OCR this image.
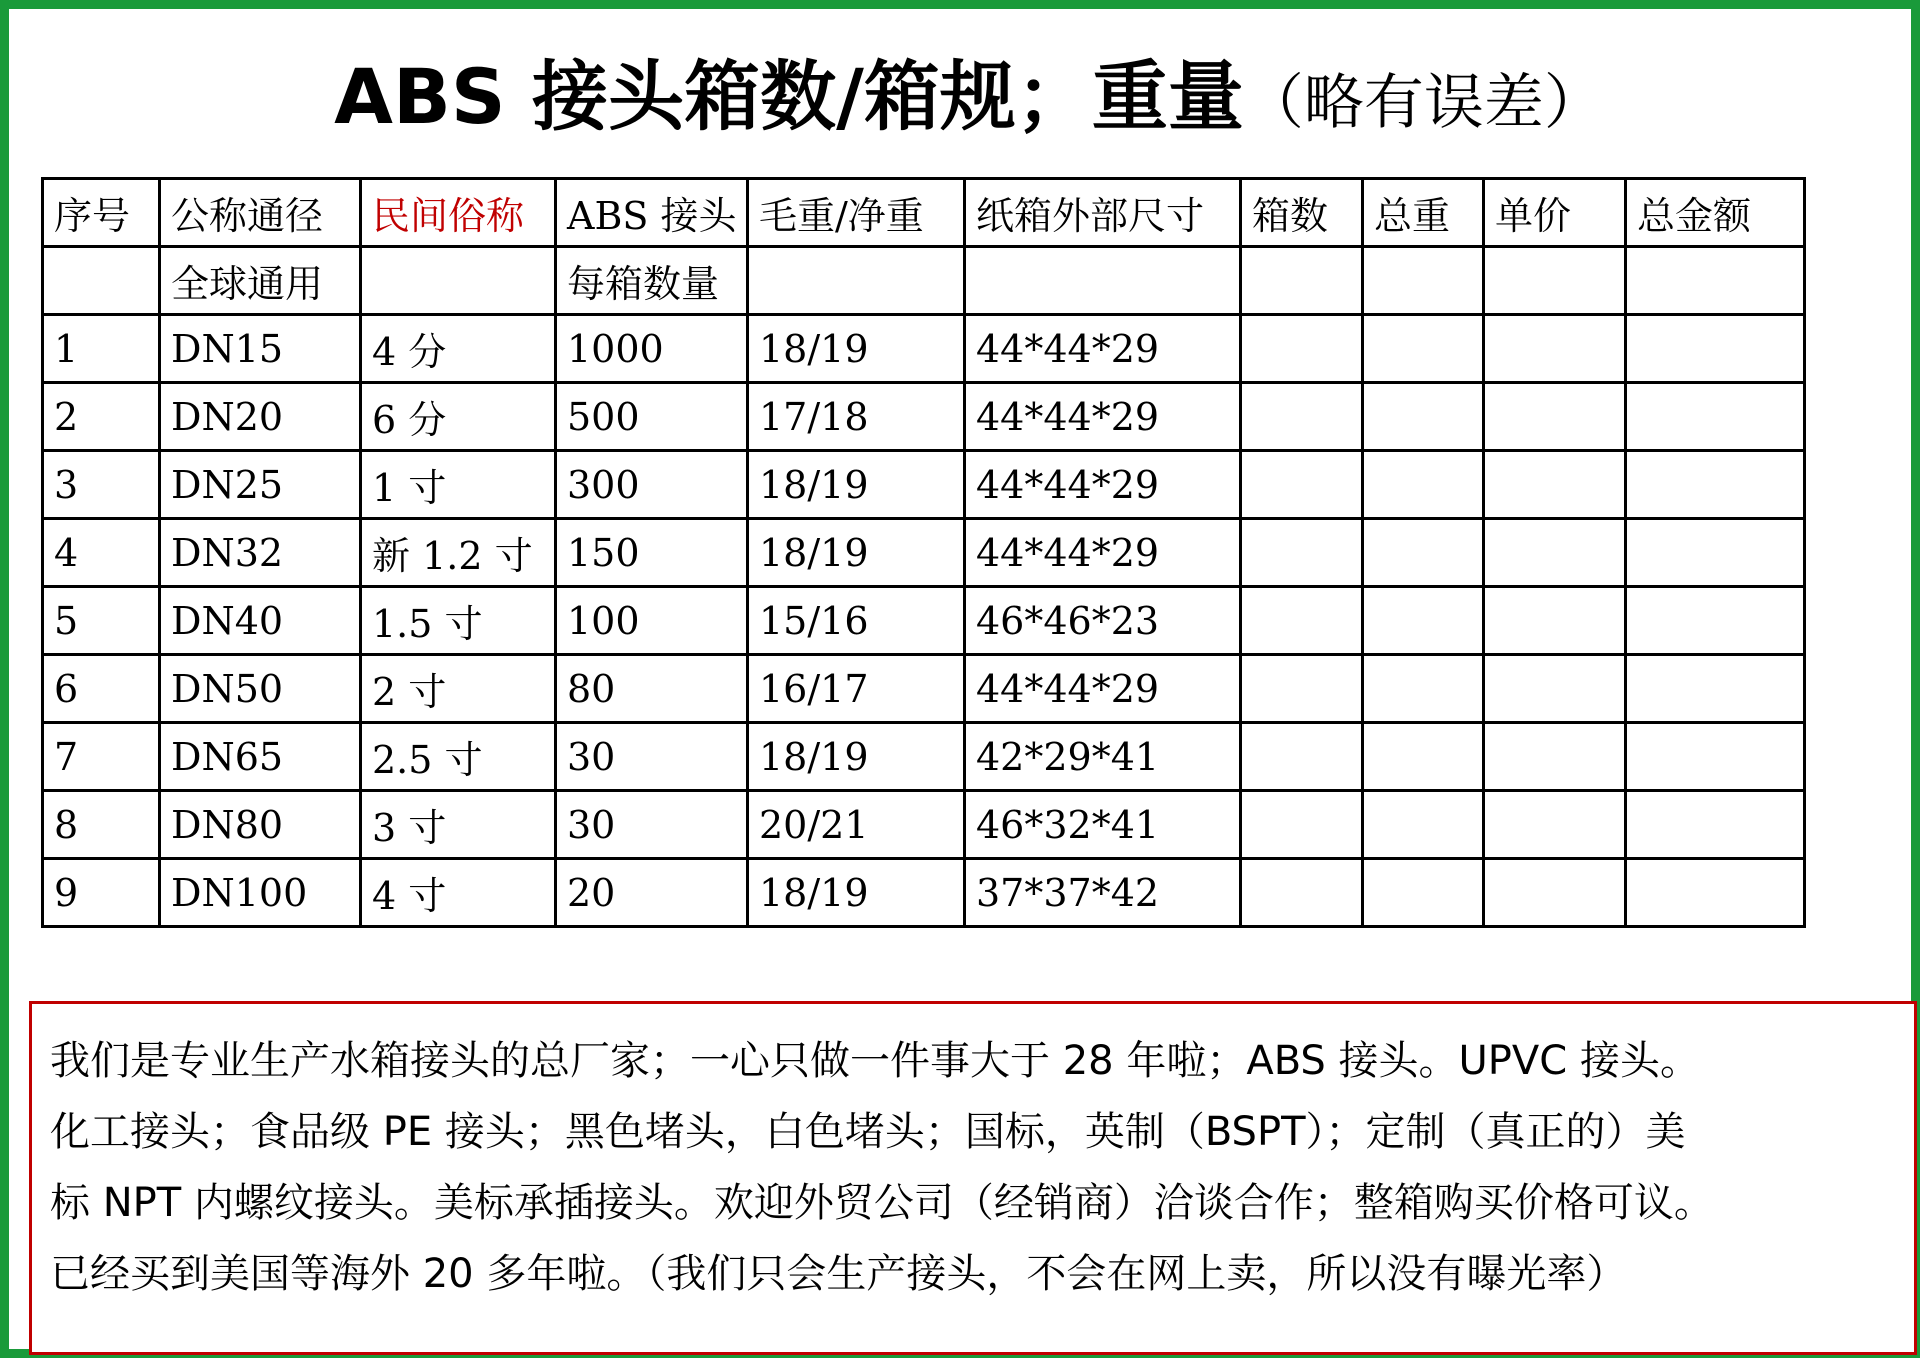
ABS 接头箱数/箱规；重量（略有误差）
序号	公称通径	民间俗称	ABS 接头	毛重/净重	纸箱外部尺寸	箱数	总重	单价	总金额
	全球通用		每箱数量						
1	DN15	4 分	1000	18/19	44*44*29				
2	DN20	6 分	500	17/18	44*44*29				
3	DN25	1 寸	300	18/19	44*44*29				
4	DN32	新 1.2 寸	150	18/19	44*44*29				
5	DN40	1.5 寸	100	15/16	46*46*23				
6	DN50	2 寸	80	16/17	44*44*29				
7	DN65	2.5 寸	30	18/19	42*29*41				
8	DN80	3 寸	30	20/21	46*32*41				
9	DN100	4 寸	20	18/19	37*37*42				
我们是专业生产水箱接头的总厂家；一心只做一件事大于 28 年啦；ABS 接头。UPVC 接头。
化工接头；食品级 PE 接头；黑色堵头，白色堵头；国标，英制（BSPT）；定制（真正的）美
标 NPT 内螺纹接头。美标承插接头。欢迎外贸公司（经销商）洽谈合作；整箱购买价格可议。
已经买到美国等海外 20 多年啦。（我们只会生产接头，不会在网上卖，所以没有曝光率）
